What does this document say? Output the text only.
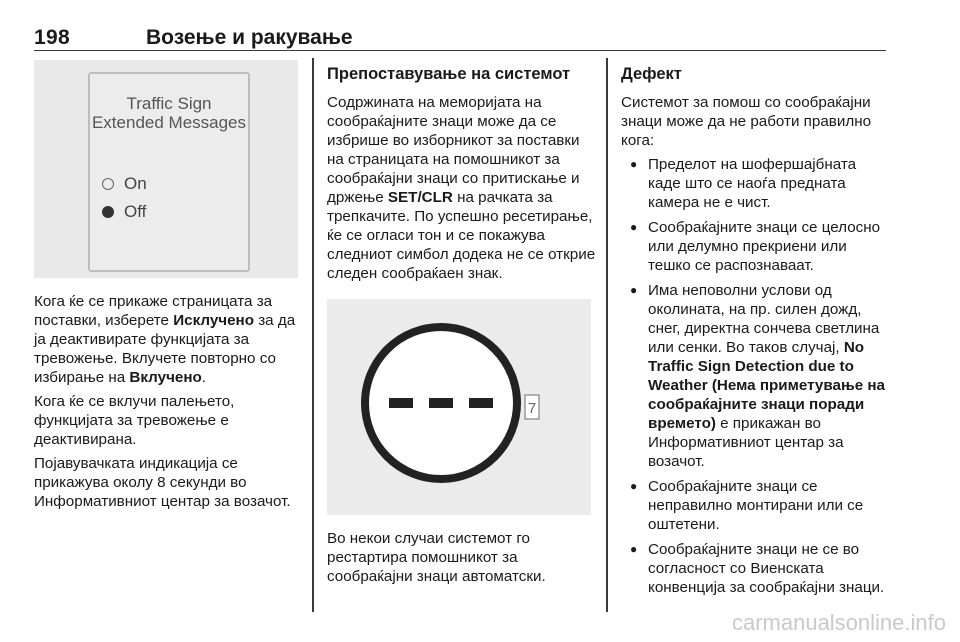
198	Возење и ракување
Traffic Sign Extended Messages
On
Off

Кога ќе се прикаже страницата за поставки, изберете Исклучено за да ја деактивирате функцијата за тревожење. Вклучете повторно со избирање на Вклучено.

Кога ќе се вклучи палењето, функцијата за тревожење е деактивирана.

Појавувачката индикација се прикажува околу 8 секунди во Информативниот центар за возачот.

Препоставување на системот

Содржината на меморијата на сообраќајните знаци може да се избрише во изборникот за поставки на страницата на помошникот за сообраќајни знаци со притискање и држење SET/CLR на рачката за трепкачите. По успешно ресетирање, ќе се огласи тон и се покажува следниот симбол додека не се открие следен сообраќаен знак.

7

Во некои случаи системот го рестартира помошникот за сообраќајни знаци автоматски.

Дефект

Системот за помош со сообраќајни знаци може да не работи правилно кога:

● Пределот на шофершајбната каде што се наоѓа предната камера не е чист.
● Сообраќајните знаци се целосно или делумно прекриени или тешко се распознаваат.
● Има неповолни услови од околината, на пр. силен дожд, снег, директна сончева светлина или сенки. Во таков случај, No Traffic Sign Detection due to Weather (Нема приметување на сообраќајните знаци поради времето) е прикажан во Информативниот центар за возачот.
● Сообраќајните знаци се неправилно монтирани или се оштетени.
● Сообраќајните знаци не се во согласност со Виенската конвенција за сообраќајни знаци.
carmanualsonline.info
